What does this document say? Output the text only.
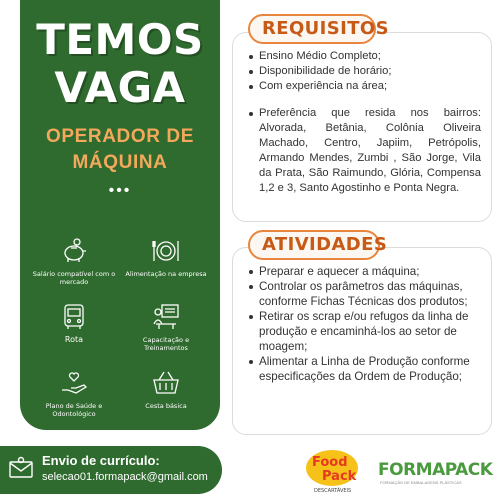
TEMOS
VAGA
OPERADOR DE
MÁQUINA
•••
Salário compatível com o mercado
Alimentação na empresa
Rota	Capacitação e Treinamentos
Plano de Saúde e Odontológico
Cesta básica
Ensino Médio Completo;
Disponibilidade de horário;
Com experiência na área;
Preferência que resida nos bairros: Alvorada, Betânia, Colônia Oliveira Machado, Centro, Japiim, Petrópolis, Armando Mendes, Zumbi , São Jorge, Vila da Prata, São Raimundo, Glória, Compensa 1,2 e 3, Santo Agostinho e Ponta Negra.
REQUISITOS
Preparar e aquecer a máquina;
Controlar os parâmetros das máquinas, conforme Fichas Técnicas dos produtos;
Retirar os scrap e/ou refugos da linha de produção e encaminhá-los ao setor de moagem;
Alimentar a Linha de Produção conforme especificações da Ordem de Produção;
ATIVIDADES
Envio de currículo:
selecao01.formapack@gmail.com
Food
Pack
DESCARTÁVEIS
FORMAPACK
FORMAÇÃO DE EMBALAGENS PLÁSTICAS
